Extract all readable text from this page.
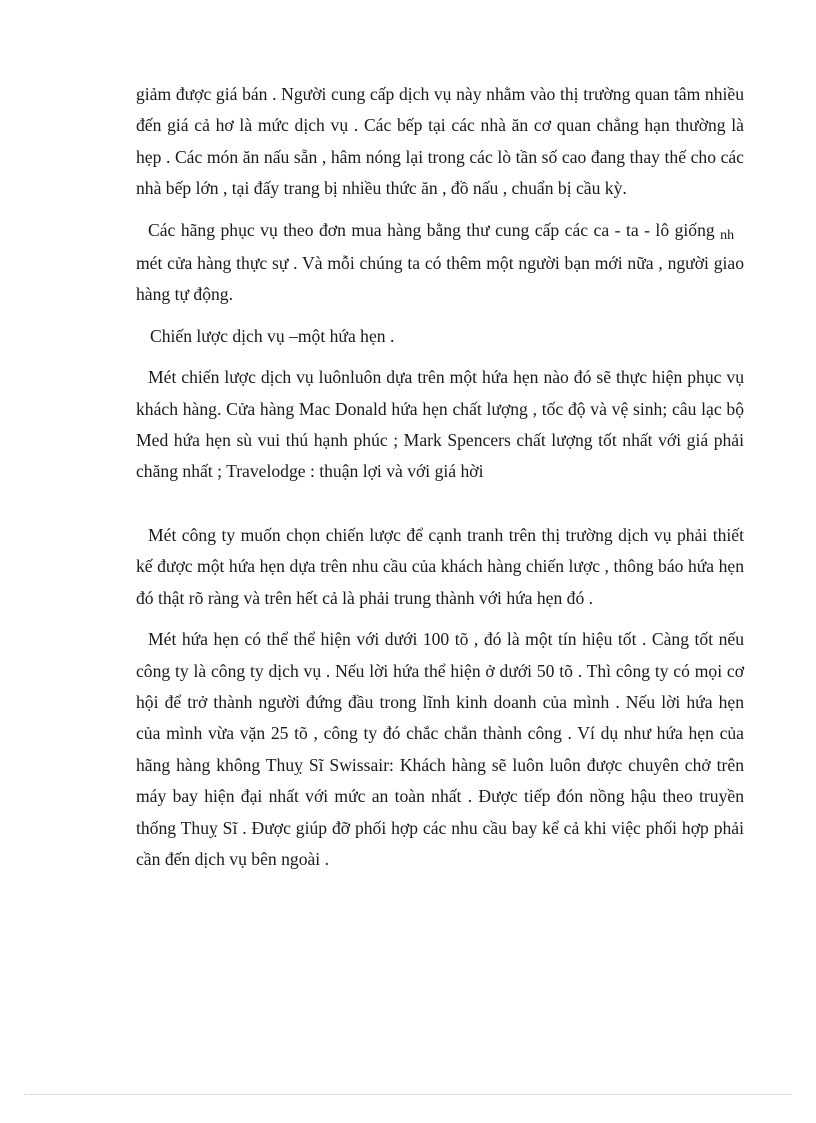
giảm được giá bán . Người cung cấp dịch vụ này nhằm vào thị trường quan tâm nhiều đến giá cả hơ là mức dịch vụ . Các bếp tại các nhà ăn cơ quan chẳng hạn thường là hẹp . Các món ăn nấu sẵn , hâm nóng lại trong các lò tần số cao đang thay thế cho các nhà bếp lớn , tại đấy trang bị nhiều thức ăn , đồ nấu , chuẩn bị cầu kỳ.

Các hãng phục vụ theo đơn mua hàng bằng thư cung cấp các ca - ta - lô giống nh   mét cửa hàng thực sự . Và mỗi chúng ta có thêm một người bạn mới nữa , người giao hàng tự động.

Chiến lược dịch vụ –một hứa hẹn .

Mét chiến lược dịch vụ luônluôn dựa trên một hứa hẹn nào đó sẽ thực hiện phục vụ khách hàng. Cửa hàng Mac Donald hứa hẹn chất lượng , tốc độ và vệ sinh; câu lạc bộ Med hứa hẹn sù vui thú hạnh phúc ; Mark Spencers chất lượng tốt nhất với giá phải chăng nhất ; Travelodge : thuận lợi và với giá hời

Mét công ty muốn chọn chiến lược để cạnh tranh trên thị trường dịch vụ phải thiết kế được một hứa hẹn dựa trên nhu cầu của khách hàng chiến lược , thông báo hứa hẹn đó thật rõ ràng và trên hết cả là phải trung thành với hứa hẹn đó .

Mét hứa hẹn có thể thể hiện với dưới 100 tõ , đó là một tín hiệu tốt . Càng tốt nếu công ty là công ty dịch vụ . Nếu lời hứa thể hiện ở dưới 50 tõ . Thì công ty có mọi cơ hội để trở thành người đứng đầu trong lĩnh kinh doanh của mình . Nếu lời hứa hẹn của mình vừa vặn 25 tõ , công ty đó chắc chắn thành công . Ví dụ như hứa hẹn của hãng hàng không Thuỵ Sĩ Swissair: Khách hàng sẽ luôn luôn được chuyên chở trên máy bay hiện đại nhất với mức an toàn nhất . Được tiếp đón nồng hậu theo truyền thống Thuỵ Sĩ . Được giúp đỡ phối hợp các nhu cầu bay kể cả khi việc phối hợp phải cần đến dịch vụ bên ngoài .
